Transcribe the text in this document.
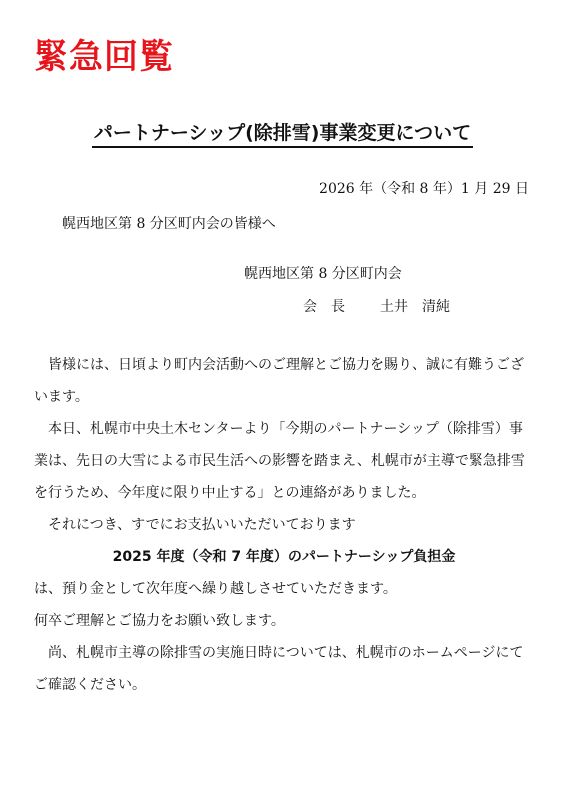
緊急回覧
パートナーシップ(除排雪)事業変更について
2026 年（令和 8 年）1 月 29 日
幌西地区第 8 分区町内会の皆様へ
幌西地区第 8 分区町内会
会　長	土井　清純

皆様には、日頃より町内会活動へのご理解とご協力を賜り、誠に有難うございます。

本日、札幌市中央土木センターより「今期のパートナーシップ（除排雪）事業は、先日の大雪による市民生活への影響を踏まえ、札幌市が主導で緊急排雪を行うため、今年度に限り中止する」との連絡がありました。

それにつき、すでにお支払いいただいております

2025 年度（令和 7 年度）のパートナーシップ負担金

は、預り金として次年度へ繰り越しさせていただきます。

何卒ご理解とご協力をお願い致します。

尚、札幌市主導の除排雪の実施日時については、札幌市のホームページにてご確認ください。
